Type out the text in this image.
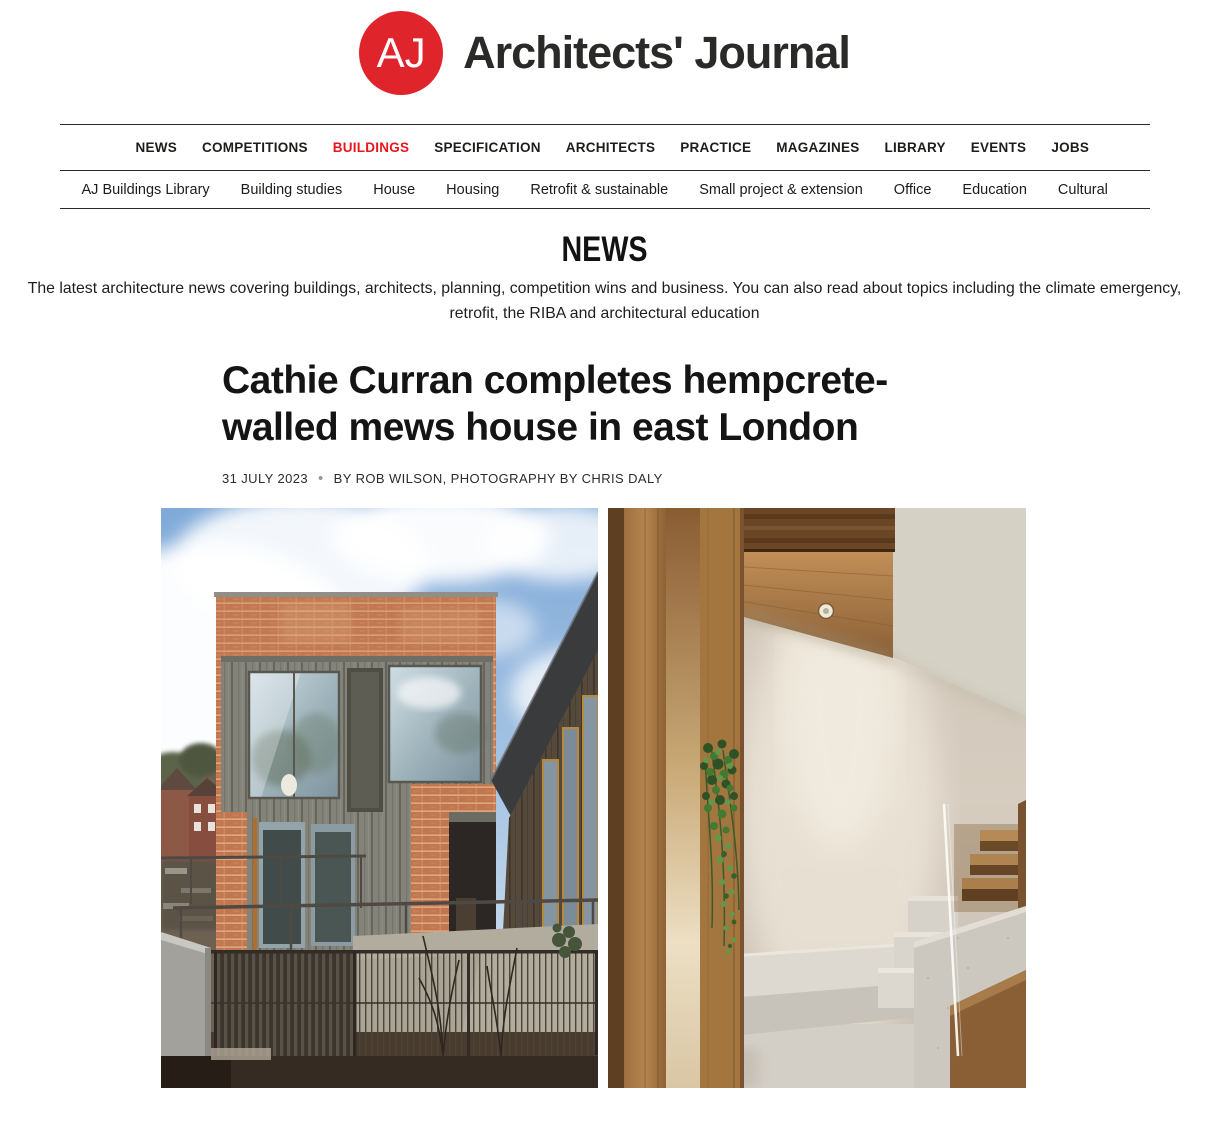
AJ Architects' Journal
NEWS COMPETITIONS BUILDINGS SPECIFICATION ARCHITECTS PRACTICE MAGAZINES LIBRARY EVENTS JOBS
AJ Buildings Library Building studies House Housing Retrofit & sustainable Small project & extension Office Education Cultural
NEWS

The latest architecture news covering buildings, architects, planning, competition wins and business. You can also read about topics including the climate emergency, retrofit, the RIBA and architectural education

Cathie Curran completes hempcrete-walled mews house in east London
31 JULY 2023 • BY ROB WILSON, PHOTOGRAPHY BY CHRIS DALY
